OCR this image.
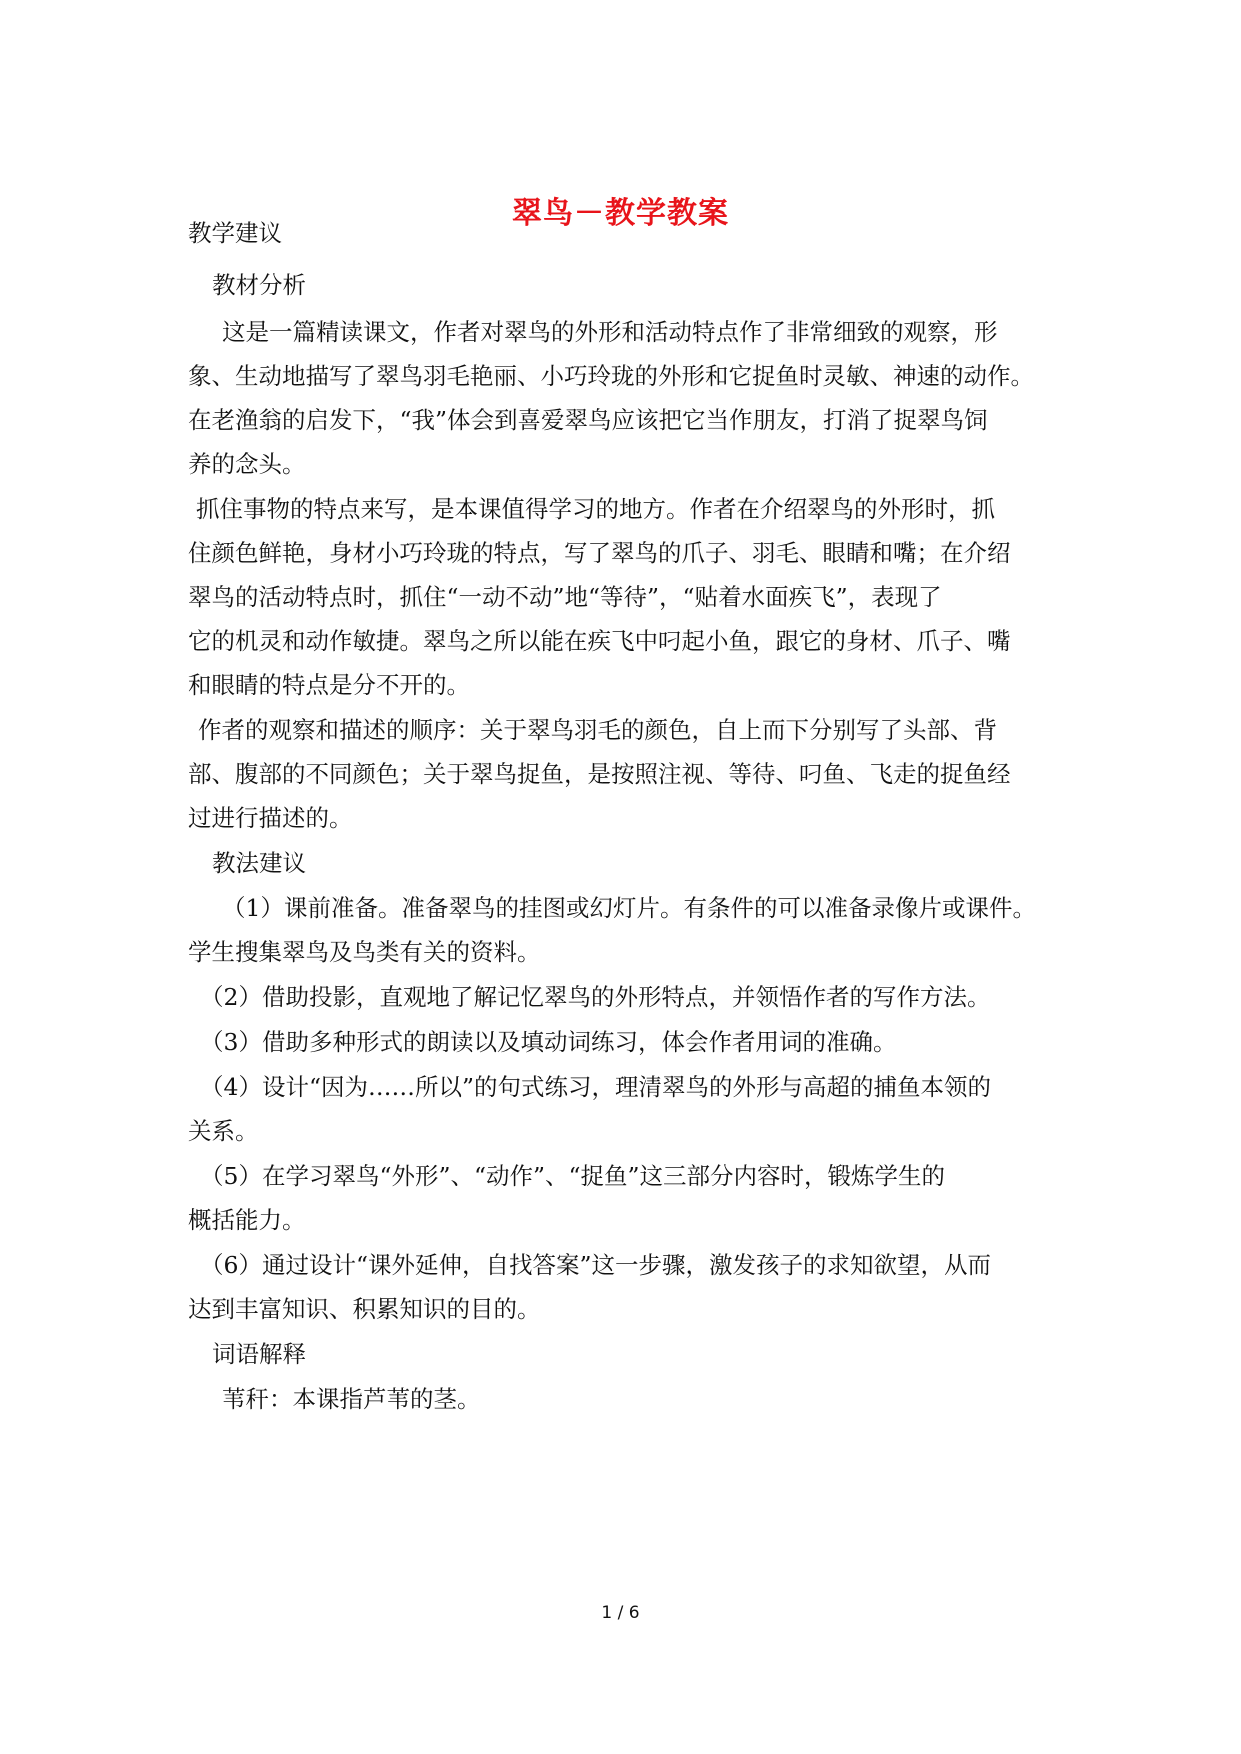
翠鸟－教学教案
教学建议
教材分析
这是一篇精读课文，作者对翠鸟的外形和活动特点作了非常细致的观察，形
象、生动地描写了翠鸟羽毛艳丽、小巧玲珑的外形和它捉鱼时灵敏、神速的动作。
在老渔翁的启发下，“我”体会到喜爱翠鸟应该把它当作朋友，打消了捉翠鸟饲
养的念头。
抓住事物的特点来写，是本课值得学习的地方。作者在介绍翠鸟的外形时，抓
住颜色鲜艳，身材小巧玲珑的特点，写了翠鸟的爪子、羽毛、眼睛和嘴；在介绍
翠鸟的活动特点时，抓住“一动不动”地“等待”，“贴着水面疾飞”，表现了
它的机灵和动作敏捷。翠鸟之所以能在疾飞中叼起小鱼，跟它的身材、爪子、嘴
和眼睛的特点是分不开的。
作者的观察和描述的顺序：关于翠鸟羽毛的颜色，自上而下分别写了头部、背
部、腹部的不同颜色；关于翠鸟捉鱼，是按照注视、等待、叼鱼、飞走的捉鱼经
过进行描述的。
教法建议
（1）课前准备。准备翠鸟的挂图或幻灯片。有条件的可以准备录像片或课件。
学生搜集翠鸟及鸟类有关的资料。
（2）借助投影，直观地了解记忆翠鸟的外形特点，并领悟作者的写作方法。
（3）借助多种形式的朗读以及填动词练习，体会作者用词的准确。
（4）设计“因为……所以”的句式练习，理清翠鸟的外形与高超的捕鱼本领的
关系。
（5）在学习翠鸟“外形”、“动作”、“捉鱼”这三部分内容时，锻炼学生的
概括能力。
（6）通过设计“课外延伸，自找答案”这一步骤，激发孩子的求知欲望，从而
达到丰富知识、积累知识的目的。
词语解释
苇秆：本课指芦苇的茎。
1 / 6
